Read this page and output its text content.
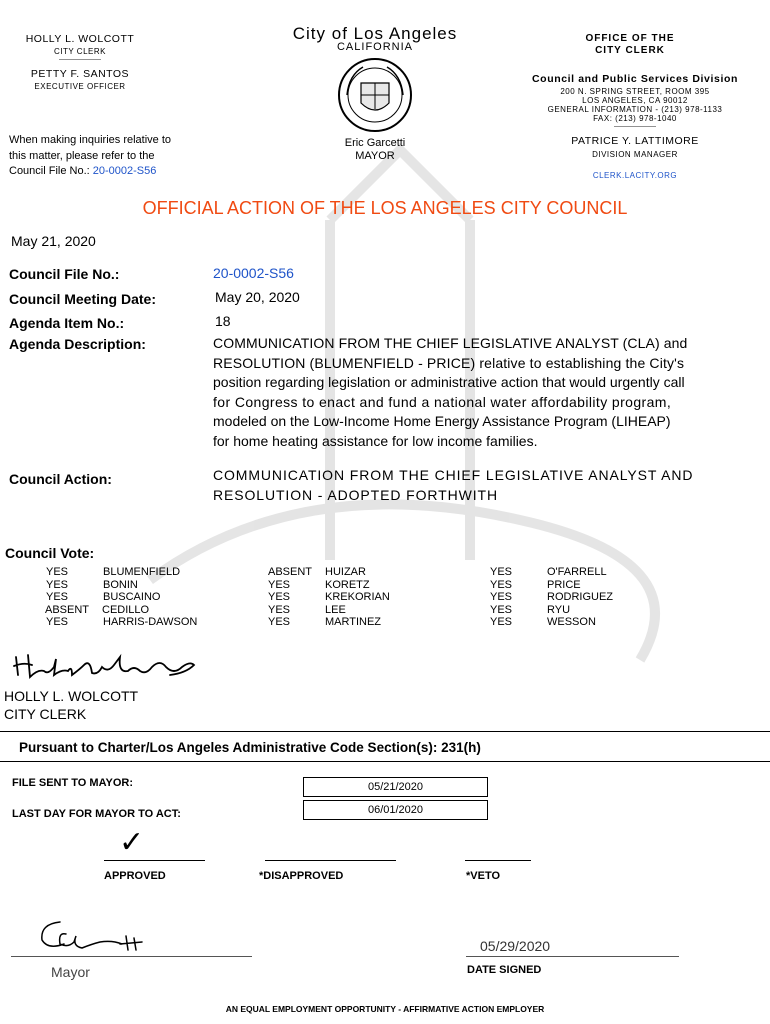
HOLLY L. WOLCOTT
CITY CLERK
———————
PETTY F. SANTOS
EXECUTIVE OFFICER
When making inquiries relative to
this matter, please refer to the
Council File No.: 20-0002-S56
City of Los Angeles
CALIFORNIA
Eric Garcetti
MAYOR
OFFICE OF THE
CITY CLERK
Council and Public Services Division
200 N. SPRING STREET, ROOM 395
LOS ANGELES, CA 90012
GENERAL INFORMATION - (213) 978-1133
FAX: (213) 978-1040
———————
PATRICE Y. LATTIMORE
DIVISION MANAGER
CLERK.LACITY.ORG
OFFICIAL ACTION OF THE LOS ANGELES CITY COUNCIL
May 21, 2020
Council File No.:	20-0002-S56
Council Meeting Date:	May 20, 2020
Agenda Item No.:	18
Agenda Description:	COMMUNICATION FROM THE CHIEF LEGISLATIVE ANALYST (CLA) and
RESOLUTION (BLUMENFIELD - PRICE) relative to establishing the City's
position regarding legislation or administrative action that would urgently call
for Congress to enact and fund a national water affordability program,
modeled on the Low-Income Home Energy Assistance Program (LIHEAP)
for home heating assistance for low income families.
Council Action:	COMMUNICATION FROM THE CHIEF LEGISLATIVE ANALYST AND
RESOLUTION - ADOPTED FORTHWITH
Council Vote:
YES	BLUMENFIELD
YES	BONIN
YES	BUSCAINO
ABSENT CEDILLO
YES	HARRIS-DAWSON
ABSENT HUIZAR
YES	KORETZ
YES	KREKORIAN
YES	LEE
YES	MARTINEZ
YES	O'FARRELL
YES	PRICE
YES	RODRIGUEZ
YES	RYU
YES	WESSON
HOLLY L. WOLCOTT
CITY CLERK
Pursuant to Charter/Los Angeles Administrative Code Section(s): 231(h)
FILE SENT TO MAYOR:	05/21/2020
LAST DAY FOR MAYOR TO ACT:	06/01/2020
✓
APPROVED	*DISAPPROVED	*VETO
Mayor
05/29/2020
DATE SIGNED
AN EQUAL EMPLOYMENT OPPORTUNITY - AFFIRMATIVE ACTION EMPLOYER
